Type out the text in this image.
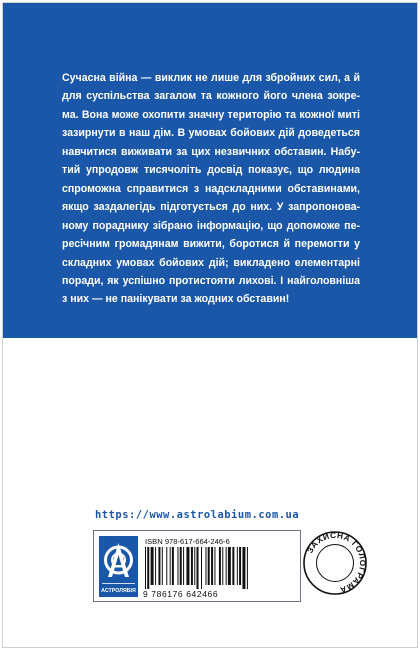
Сучасна війна — виклик не лише для збройних сил, а й
для суспільства загалом та кожного його члена зокре-
ма. Вона може охопити значну територію та кожної миті
зазирнути в наш дім. В умовах бойових дій доведеться
навчитися виживати за цих незвичних обставин. Набу-
тий упродовж тисячоліть досвід показує, що людина
спроможна справитися з надскладними обставинами,
якщо заздалегідь підготується до них. У запропонова-
ному пораднику зібрано інформацію, що допоможе пе-
ресічним громадянам вижити, боротися й перемогти у
складних умовах бойових дій; викладено елементарні
поради, як успішно протистояти лихові. І найголовніша
з них — не панікувати за жодних обставин!
https://www.astrolabium.com.ua
АСТРОЛЯБІЯ
ISBN 978-617-664-246-6
9 786176 642466
ЗАХИСНА ГОЛОГРАМА
